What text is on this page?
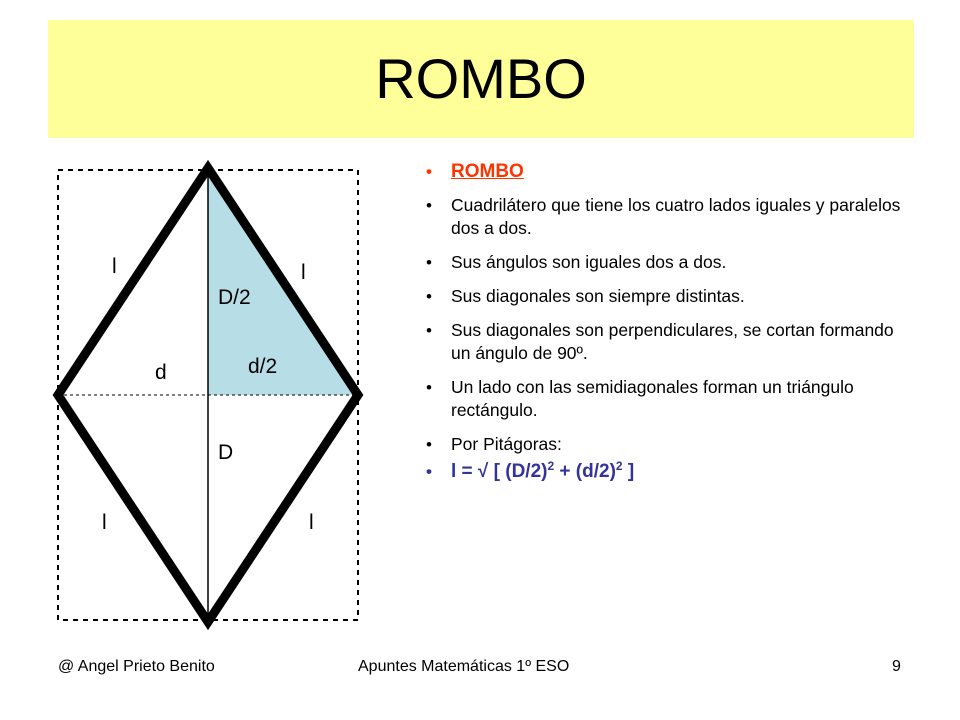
ROMBO
l	l
D/2
d/2
d
D
l	l
• ROMBO
• Cuadrilátero que tiene los cuatro lados iguales y paralelos dos a dos.
• Sus ángulos son iguales dos a dos.
• Sus diagonales son siempre distintas.
• Sus diagonales son perpendiculares, se cortan formando un ángulo de 90º.
• Un lado con las semidiagonales forman un triángulo rectángulo.
• Por Pitágoras:
• l = √ [ $(D/2)^2 + (d/2)^2$ ]
@ Angel Prieto Benito	Apuntes Matemáticas 1º ESO	9
